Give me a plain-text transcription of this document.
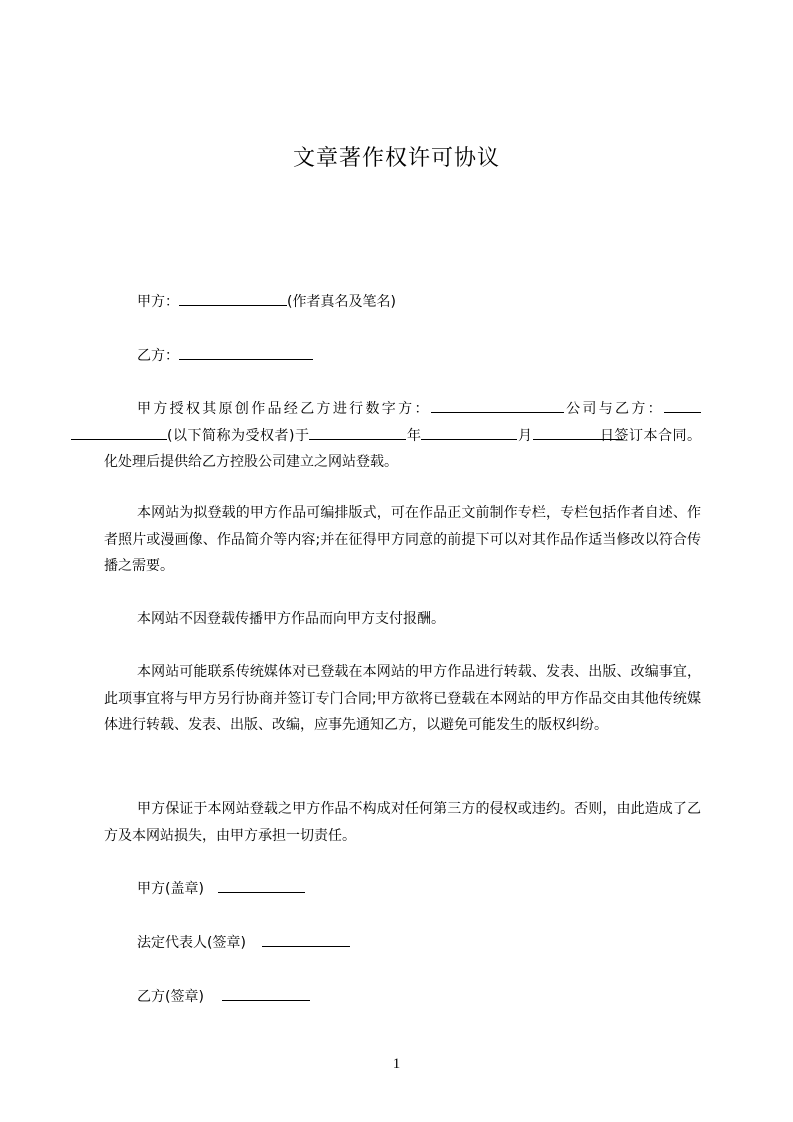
文章著作权许可协议
甲方：	(作者真名及笔名)
乙方：

甲方授权其原创作品经乙方进行数字方：	公司与乙方：(以下简称为受权者)于	年	月	日签订本合同。化处理后提供给乙方控股公司建立之网站登载。

本网站为拟登载的甲方作品可编排版式，可在作品正文前制作专栏，专栏包括作者自述、作者照片或漫画像、作品简介等内容;并在征得甲方同意的前提下可以对其作品作适当修改以符合传播之需要。

本网站不因登载传播甲方作品而向甲方支付报酬。

本网站可能联系传统媒体对已登载在本网站的甲方作品进行转载、发表、出版、改编事宜，此项事宜将与甲方另行协商并签订专门合同;甲方欲将已登载在本网站的甲方作品交由其他传统媒体进行转载、发表、出版、改编，应事先通知乙方，以避免可能发生的版权纠纷。

甲方保证于本网站登载之甲方作品不构成对任何第三方的侵权或违约。否则，由此造成了乙方及本网站损失，由甲方承担一切责任。

甲方(盖章)
法定代表人(签章)
乙方(签章)
1
